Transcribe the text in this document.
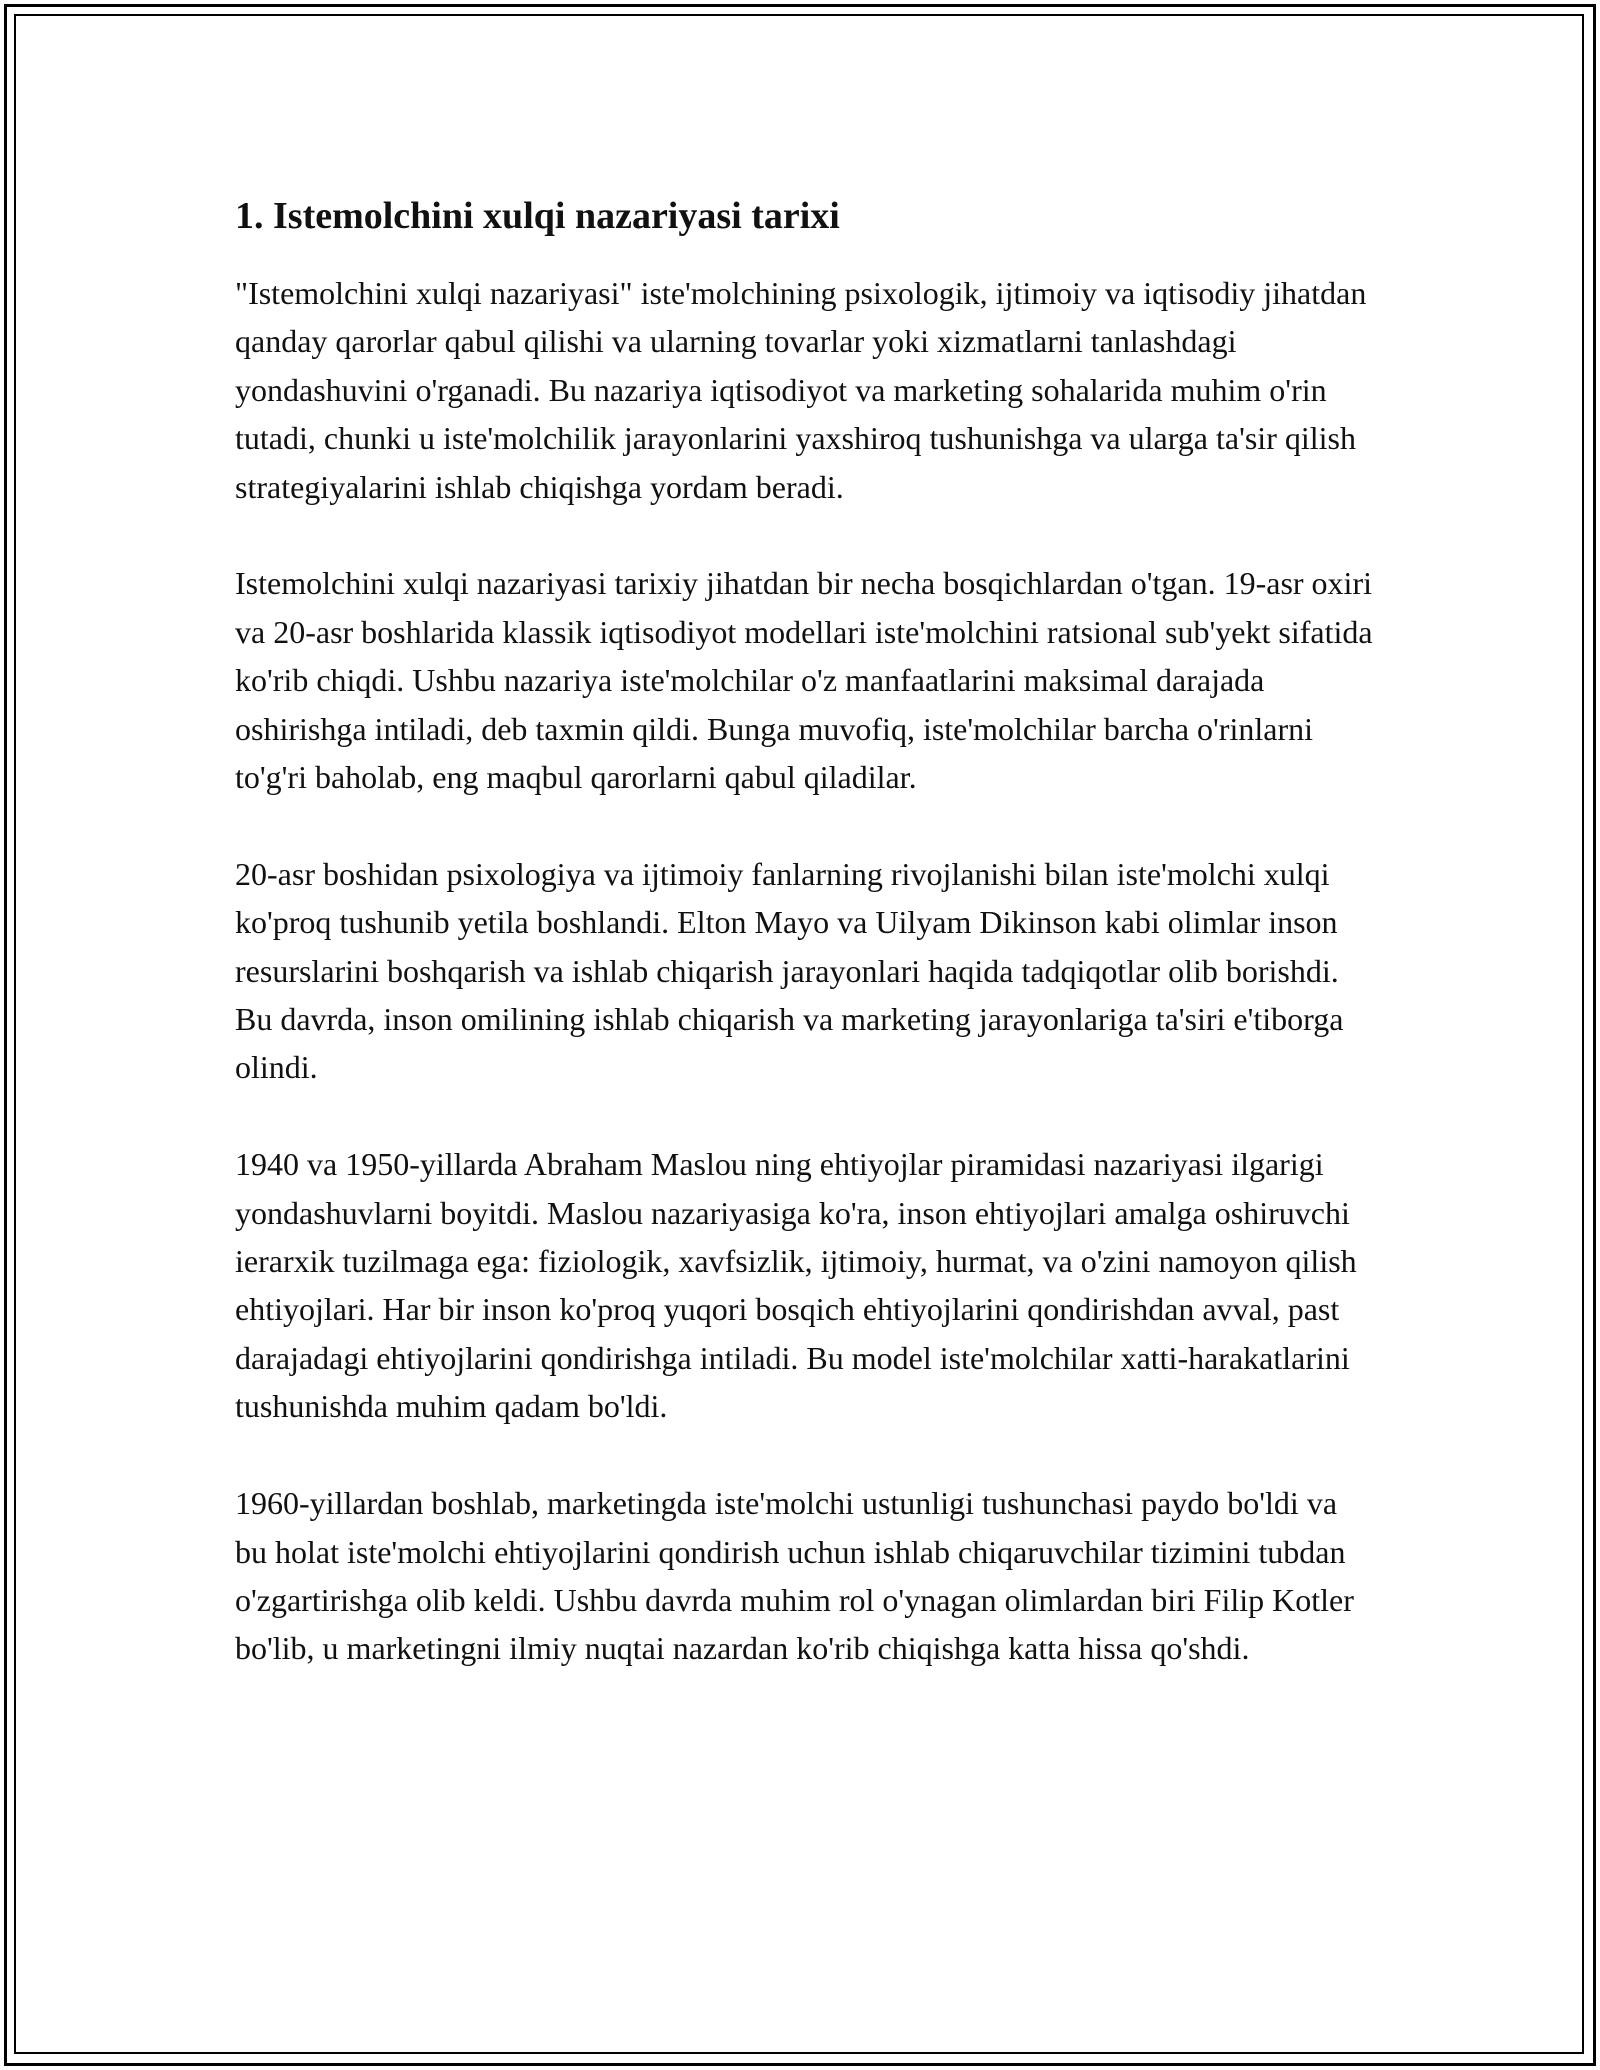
1. Istemolchini xulqi nazariyasi tarixi

"Istemolchini xulqi nazariyasi" iste'molchining psixologik, ijtimoiy va iqtisodiy jihatdan qanday qarorlar qabul qilishi va ularning tovarlar yoki xizmatlarni tanlashdagi yondashuvini o'rganadi. Bu nazariya iqtisodiyot va marketing sohalarida muhim o'rin tutadi, chunki u iste'molchilik jarayonlarini yaxshiroq tushunishga va ularga ta'sir qilish strategiyalarini ishlab chiqishga yordam beradi.

Istemolchini xulqi nazariyasi tarixiy jihatdan bir necha bosqichlardan o'tgan. 19-asr oxiri va 20-asr boshlarida klassik iqtisodiyot modellari iste'molchini ratsional sub'yekt sifatida ko'rib chiqdi. Ushbu nazariya iste'molchilar o'z manfaatlarini maksimal darajada oshirishga intiladi, deb taxmin qildi. Bunga muvofiq, iste'molchilar barcha o'rinlarni to'g'ri baholab, eng maqbul qarorlarni qabul qiladilar.

20-asr boshidan psixologiya va ijtimoiy fanlarning rivojlanishi bilan iste'molchi xulqi ko'proq tushunib yetila boshlandi. Elton Mayo va Uilyam Dikinson kabi olimlar inson resurslarini boshqarish va ishlab chiqarish jarayonlari haqida tadqiqotlar olib borishdi. Bu davrda, inson omilining ishlab chiqarish va marketing jarayonlariga ta'siri e'tiborga olindi.

1940 va 1950-yillarda Abraham Maslou ning ehtiyojlar piramidasi nazariyasi ilgarigi yondashuvlarni boyitdi. Maslou nazariyasiga ko'ra, inson ehtiyojlari amalga oshiruvchi ierarxik tuzilmaga ega: fiziologik, xavfsizlik, ijtimoiy, hurmat, va o'zini namoyon qilish ehtiyojlari. Har bir inson ko'proq yuqori bosqich ehtiyojlarini qondirishdan avval, past darajadagi ehtiyojlarini qondirishga intiladi. Bu model iste'molchilar xatti-harakatlarini tushunishda muhim qadam bo'ldi.

1960-yillardan boshlab, marketingda iste'molchi ustunligi tushunchasi paydo bo'ldi va bu holat iste'molchi ehtiyojlarini qondirish uchun ishlab chiqaruvchilar tizimini tubdan o'zgartirishga olib keldi. Ushbu davrda muhim rol o'ynagan olimlardan biri Filip Kotler bo'lib, u marketingni ilmiy nuqtai nazardan ko'rib chiqishga katta hissa qo'shdi.
